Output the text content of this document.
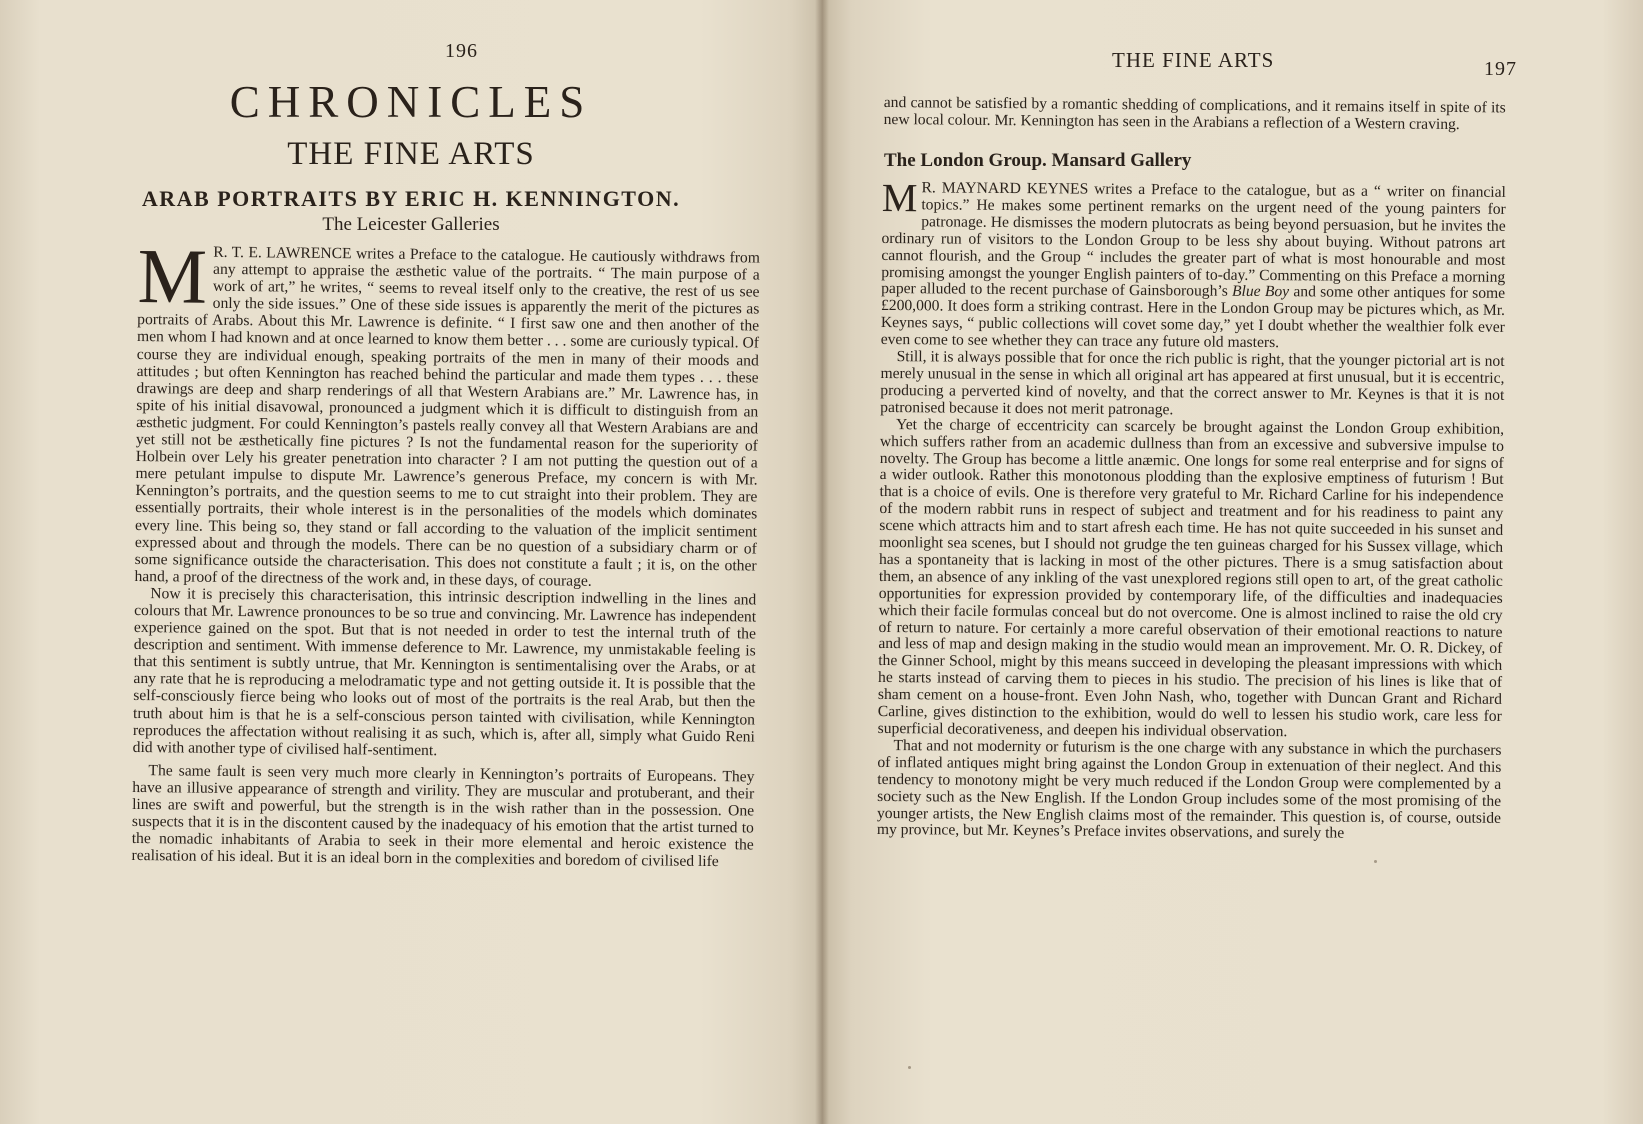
196
CHRONICLES
THE FINE ARTS
ARAB PORTRAITS BY ERIC H. KENNINGTON.
The Leicester Galleries

M R. T. E. LAWRENCE writes a Preface to the catalogue. He cautiously withdraws from any attempt to appraise the æsthetic value of the portraits. “ The main purpose of a work of art,” he writes, “ seems to reveal itself only to the creative, the rest of us see only the side issues.” One of these side issues is apparently the merit of the pictures as portraits of Arabs. About this Mr. Lawrence is definite. “ I first saw one and then another of the men whom I had known and at once learned to know them better . . . some are curiously typical. Of course they are individual enough, speaking portraits of the men in many of their moods and attitudes ; but often Kennington has reached behind the particular and made them types . . . these drawings are deep and sharp renderings of all that Western Arabians are.” Mr. Lawrence has, in spite of his initial disavowal, pronounced a judgment which it is difficult to distinguish from an æsthetic judgment. For could Kennington’s pastels really convey all that Western Arabians are and yet still not be æsthetically fine pictures ? Is not the fundamental reason for the superiority of Holbein over Lely his greater penetration into character ? I am not putting the question out of a mere petulant impulse to dispute Mr. Lawrence’s generous Preface, my concern is with Mr. Kennington’s portraits, and the question seems to me to cut straight into their problem. They are essentially portraits, their whole interest is in the personalities of the models which dominates every line. This being so, they stand or fall according to the valuation of the implicit sentiment expressed about and through the models. There can be no question of a subsidiary charm or of some significance outside the characterisation. This does not constitute a fault ; it is, on the other hand, a proof of the directness of the work and, in these days, of courage.

Now it is precisely this characterisation, this intrinsic description indwelling in the lines and colours that Mr. Lawrence pronounces to be so true and convincing. Mr. Lawrence has independent experience gained on the spot. But that is not needed in order to test the internal truth of the description and sentiment. With immense deference to Mr. Lawrence, my unmistakable feeling is that this sentiment is subtly untrue, that Mr. Kennington is sentimentalising over the Arabs, or at any rate that he is reproducing a melodramatic type and not getting outside it. It is possible that the self-consciously fierce being who looks out of most of the portraits is the real Arab, but then the truth about him is that he is a self-conscious person tainted with civilisation, while Kennington reproduces the affectation without realising it as such, which is, after all, simply what Guido Reni did with another type of civilised half-sentiment.

The same fault is seen very much more clearly in Kennington’s portraits of Europeans. They have an illusive appearance of strength and virility. They are muscular and protuberant, and their lines are swift and powerful, but the strength is in the wish rather than in the possession. One suspects that it is in the discontent caused by the inadequacy of his emotion that the artist turned to the nomadic inhabitants of Arabia to seek in their more elemental and heroic existence the realisation of his ideal. But it is an ideal born in the complexities and boredom of civilised life

THE FINE ARTS	197

and cannot be satisfied by a romantic shedding of complications, and it remains itself in spite of its new local colour. Mr. Kennington has seen in the Arabians a reflection of a Western craving.

The London Group. Mansard Gallery

M R. MAYNARD KEYNES writes a Preface to the catalogue, but as a “ writer on financial topics.” He makes some pertinent remarks on the urgent need of the young painters for patronage. He dismisses the modern plutocrats as being beyond persuasion, but he invites the ordinary run of visitors to the London Group to be less shy about buying. Without patrons art cannot flourish, and the Group “ includes the greater part of what is most honourable and most promising amongst the younger English painters of to-day.” Commenting on this Preface a morning paper alluded to the recent purchase of Gainsborough’s Blue Boy and some other antiques for some £200,000. It does form a striking contrast. Here in the London Group may be pictures which, as Mr. Keynes says, “ public collections will covet some day,” yet I doubt whether the wealthier folk ever even come to see whether they can trace any future old masters.

Still, it is always possible that for once the rich public is right, that the younger pictorial art is not merely unusual in the sense in which all original art has appeared at first unusual, but it is eccentric, producing a perverted kind of novelty, and that the correct answer to Mr. Keynes is that it is not patronised because it does not merit patronage.

Yet the charge of eccentricity can scarcely be brought against the London Group exhibition, which suffers rather from an academic dullness than from an excessive and subversive impulse to novelty. The Group has become a little anæmic. One longs for some real enterprise and for signs of a wider outlook. Rather this monotonous plodding than the explosive emptiness of futurism ! But that is a choice of evils. One is therefore very grateful to Mr. Richard Carline for his independence of the modern rabbit runs in respect of subject and treatment and for his readiness to paint any scene which attracts him and to start afresh each time. He has not quite succeeded in his sunset and moonlight sea scenes, but I should not grudge the ten guineas charged for his Sussex village, which has a spontaneity that is lacking in most of the other pictures. There is a smug satisfaction about them, an absence of any inkling of the vast unexplored regions still open to art, of the great catholic opportunities for expression provided by contemporary life, of the difficulties and inadequacies which their facile formulas conceal but do not overcome. One is almost inclined to raise the old cry of return to nature. For certainly a more careful observation of their emotional reactions to nature and less of map and design making in the studio would mean an improvement. Mr. O. R. Dickey, of the Ginner School, might by this means succeed in developing the pleasant impressions with which he starts instead of carving them to pieces in his studio. The precision of his lines is like that of sham cement on a house-front. Even John Nash, who, together with Duncan Grant and Richard Carline, gives distinction to the exhibition, would do well to lessen his studio work, care less for superficial decorativeness, and deepen his individual observation.

That and not modernity or futurism is the one charge with any substance in which the purchasers of inflated antiques might bring against the London Group in extenuation of their neglect. And this tendency to monotony might be very much reduced if the London Group were complemented by a society such as the New English. If the London Group includes some of the most promising of the younger artists, the New English claims most of the remainder. This question is, of course, outside my province, but Mr. Keynes’s Preface invites observations, and surely the
